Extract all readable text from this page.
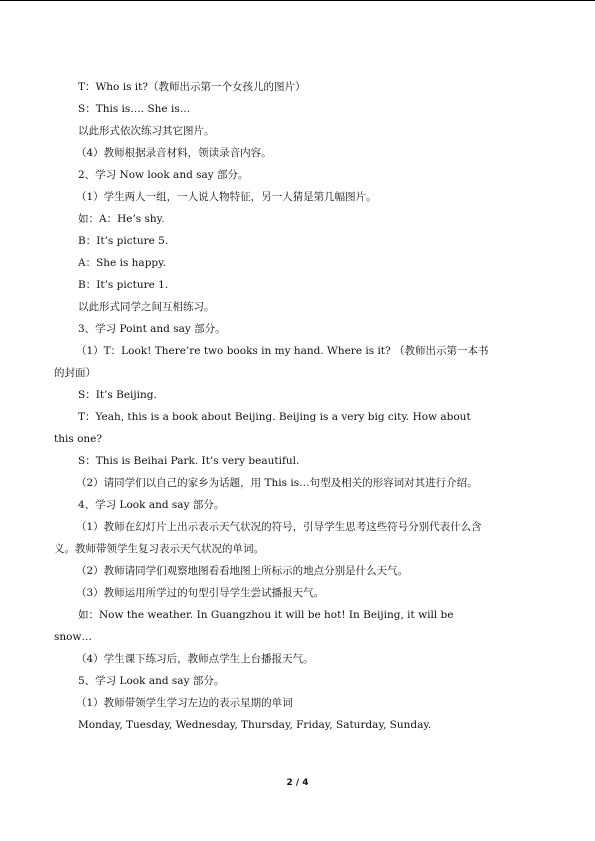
T：Who is it?（教师出示第一个女孩儿的图片）
S：This is…. She is…
以此形式依次练习其它图片。
（4）教师根据录音材料，领读录音内容。
2、学习 Now look and say 部分。
（1）学生两人一组，一人说人物特征，另一人猜是第几幅图片。
如：A：He’s shy.
B：It’s picture 5.
A：She is happy.
B：It’s picture 1.
以此形式同学之间互相练习。
3、学习 Point and say 部分。
（1）T：Look! There’re two books in my hand. Where is it? （教师出示第一本书
的封面）
S：It’s Beijing.
T：Yeah, this is a book about Beijing. Beijing is a very big city. How about
this one?
S：This is Beihai Park. It’s very beautiful.
（2）请同学们以自己的家乡为话题，用 This is…句型及相关的形容词对其进行介绍。
4、学习 Look and say 部分。
（1）教师在幻灯片上出示表示天气状况的符号，引导学生思考这些符号分别代表什么含
义。教师带领学生复习表示天气状况的单词。
（2）教师请同学们观察地图看看地图上所标示的地点分别是什么天气。
（3）教师运用所学过的句型引导学生尝试播报天气。
如：Now the weather. In Guangzhou it will be hot! In Beijing, it will be
snow…
（4）学生课下练习后，教师点学生上台播报天气。
5、学习 Look and say 部分。
（1）教师带领学生学习左边的表示星期的单词
Monday, Tuesday, Wednesday, Thursday, Friday, Saturday, Sunday.
2 / 4
